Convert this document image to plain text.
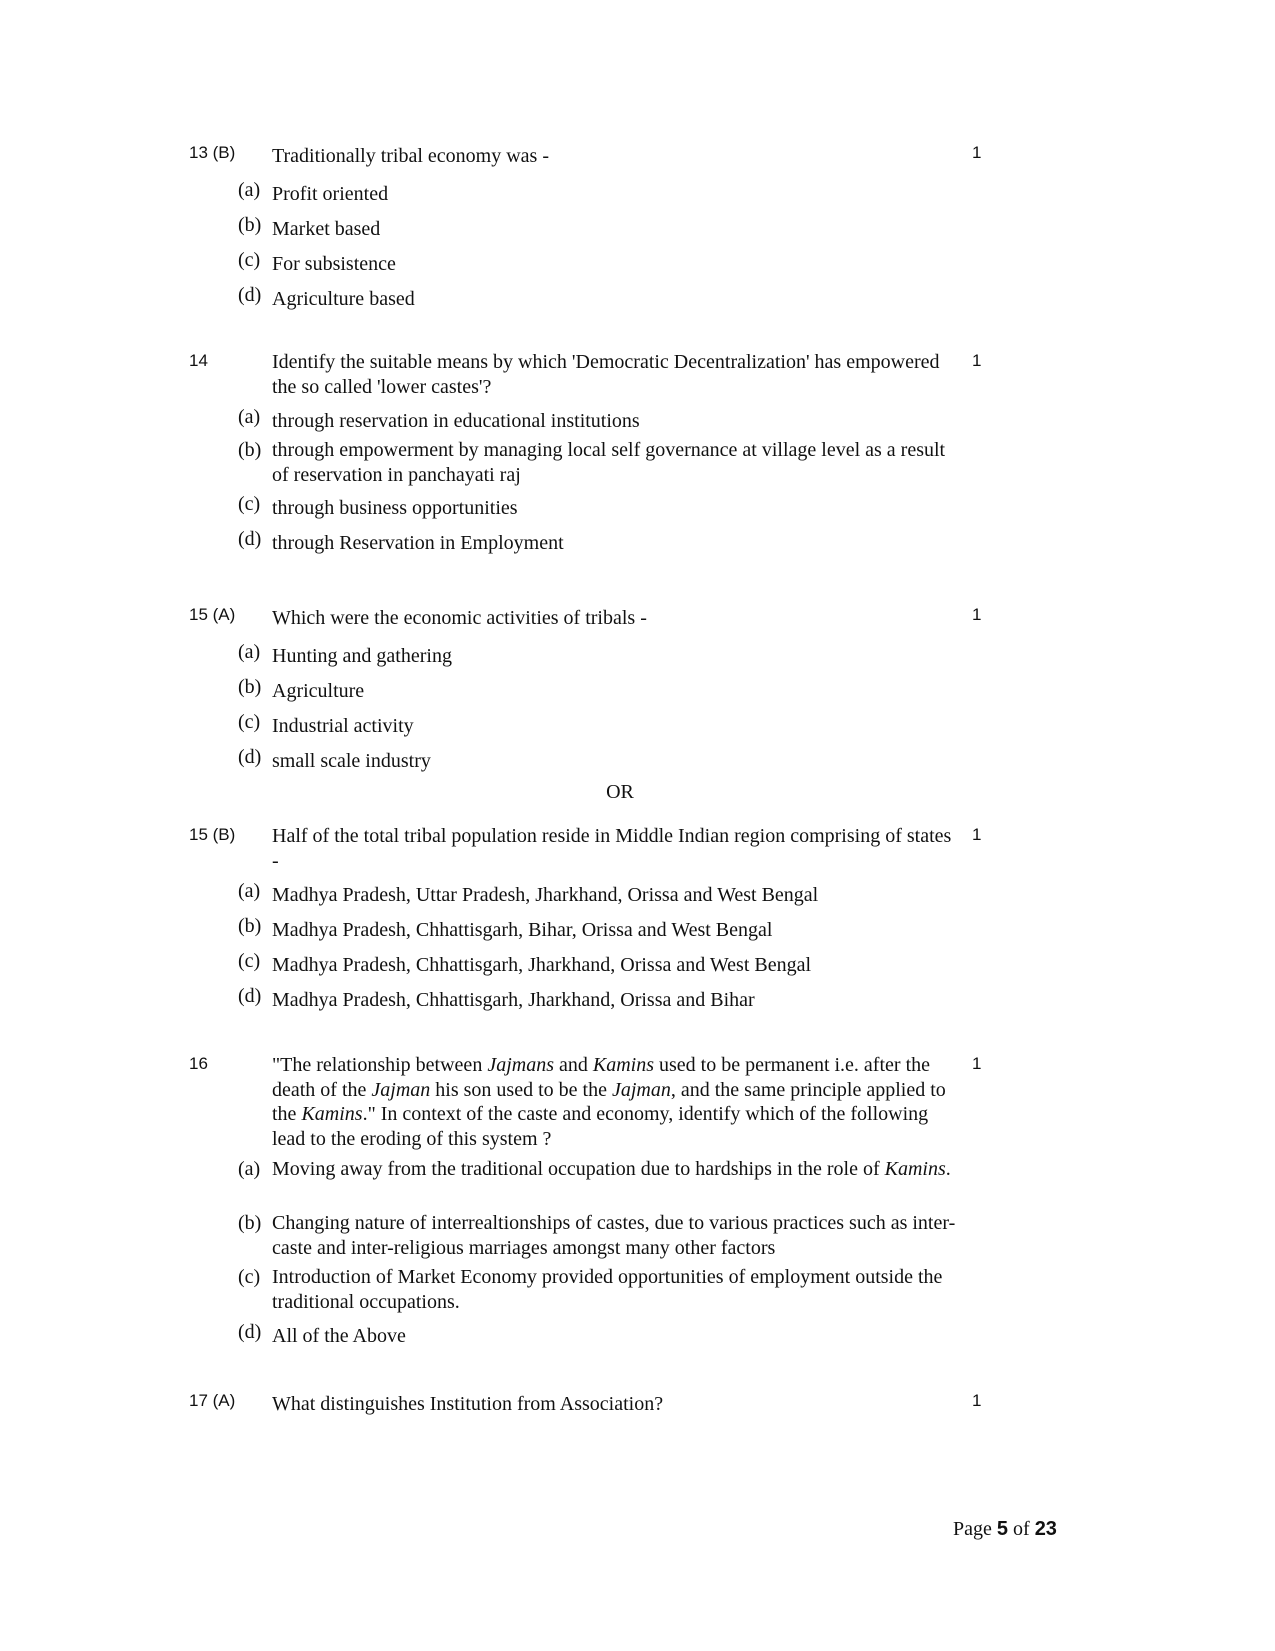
13 (B) Traditionally tribal economy was -	1
(a) Profit oriented
(b) Market based
(c) For subsistence
(d) Agriculture based
14	Identify the suitable means by which 'Democratic Decentralization' has empowered the so called 'lower castes'?
1
(a) through reservation in educational institutions
(b) through empowerment by managing local self governance at village level as a result of reservation in panchayati raj
(c) through business opportunities
(d) through Reservation in Employment
15 (A) Which were the economic activities of tribals -	1
(a) Hunting and gathering
(b) Agriculture
(c) Industrial activity
(d) small scale industry
OR
15 (B) Half of the total tribal population reside in Middle Indian region comprising of states -
1
(a) Madhya Pradesh, Uttar Pradesh, Jharkhand, Orissa and West Bengal
(b) Madhya Pradesh, Chhattisgarh, Bihar, Orissa and West Bengal
(c) Madhya Pradesh, Chhattisgarh, Jharkhand, Orissa and West Bengal
(d) Madhya Pradesh, Chhattisgarh, Jharkhand, Orissa and Bihar
16	"The relationship between Jajmans and Kamins used to be permanent i.e. after the death of the Jajman his son used to be the Jajman, and the same principle applied to the Kamins." In context of the caste and economy, identify which of the following lead to the eroding of this system ?
1
(a) Moving away from the traditional occupation due to hardships in the role of Kamins.
(b) Changing nature of interrealtionships of castes, due to various practices such as inter-caste and inter-religious marriages amongst many other factors
(c) Introduction of Market Economy provided opportunities of employment outside the traditional occupations.
(d) All of the Above
17 (A) What distinguishes Institution from Association?	1
Page 5 of 23
